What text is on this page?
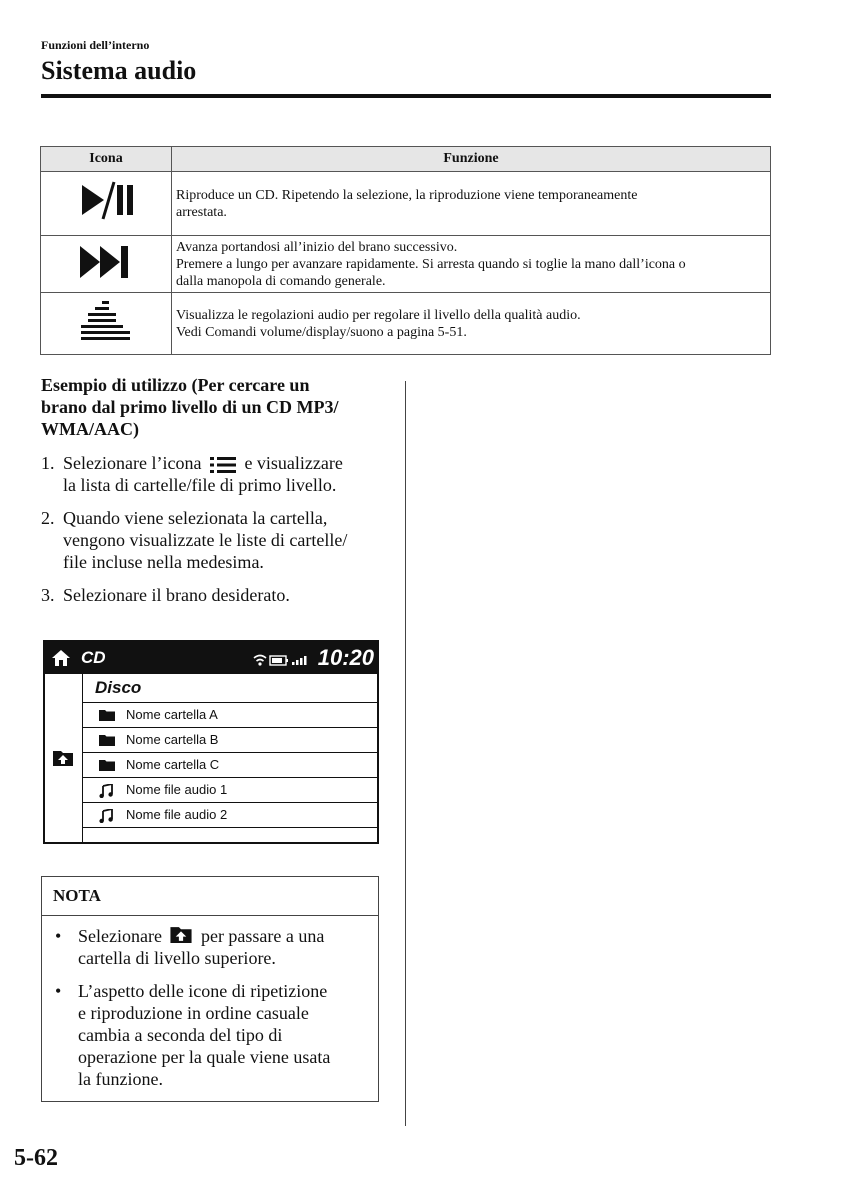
Funzioni dell’interno
Sistema audio
Icona	Funzione

Riproduce un CD. Ripetendo la selezione, la riproduzione viene temporaneamente
arrestata.

Avanza portandosi all’inizio del brano successivo.
Premere a lungo per avanzare rapidamente. Si arresta quando si toglie la mano dall’icona o
dalla manopola di comando generale.

Visualizza le regolazioni audio per regolare il livello della qualità audio.
Vedi Comandi volume/display/suono a pagina 5-51.
Esempio di utilizzo (Per cercare un
brano dal primo livello di un CD MP3/
WMA/AAC)
1. Selezionare l’icona e visualizzare
la lista di cartelle/file di primo livello.
2. Quando viene selezionata la cartella,
vengono visualizzate le liste di cartelle/
file incluse nella medesima.
3. Selezionare il brano desiderato.
CD	10:20
Disco
Nome cartella A
Nome cartella B
Nome cartella C
Nome file audio 1
Nome file audio 2
NOTA
• Selezionare per passare a una
cartella di livello superiore.
• L’aspetto delle icone di ripetizione
e riproduzione in ordine casuale
cambia a seconda del tipo di
operazione per la quale viene usata
la funzione.
5-62
